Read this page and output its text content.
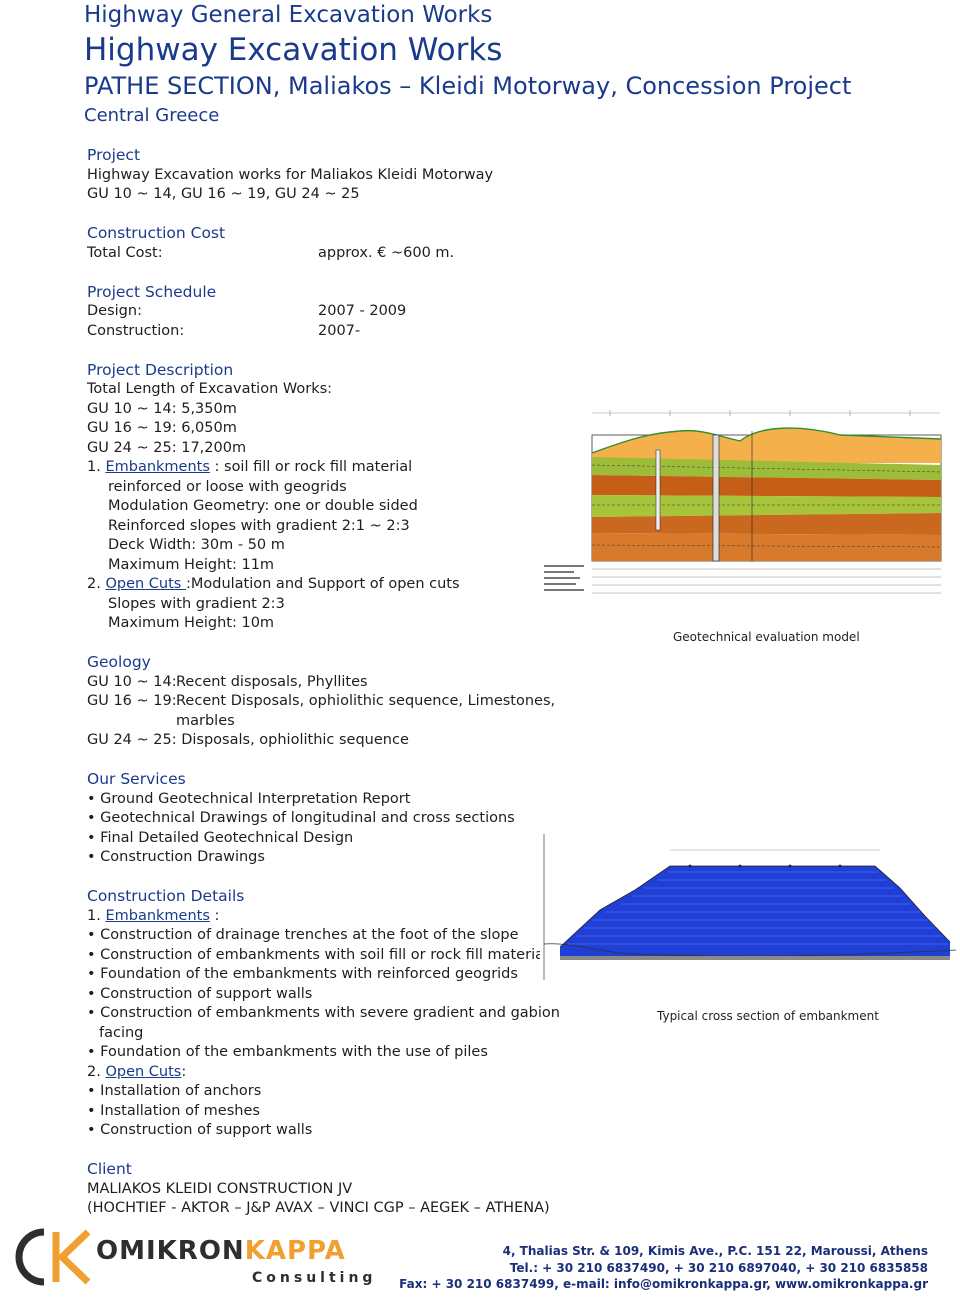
Highway General Excavation Works
Highway Excavation Works
PATHE SECTION, Maliakos – Kleidi Motorway, Concession Project
Central Greece
Project
Highway Excavation works for Maliakos Kleidi Motorway
GU 10 ~ 14, GU 16 ~ 19, GU 24 ~ 25
Construction Cost
Total Cost:	approx. € ~600 m.
Project Schedule
Design:	2007 - 2009
Construction:	2007-
Project Description
Total Length of Excavation Works:
GU 10 ~ 14: 5,350m
GU 16 ~ 19: 6,050m
GU 24 ~ 25: 17,200m
1. Embankments : soil fill or rock fill material
reinforced or loose with geogrids
Modulation Geometry: one or double sided
Reinforced slopes with gradient 2:1 ~ 2:3
Deck Width: 30m - 50 m
Maximum Height: 11m
2. Open Cuts :Modulation and Support of open cuts
Slopes with gradient 2:3
Maximum Height: 10m
Geology
GU 10 ~ 14:Recent disposals, Phyllites
GU 16 ~ 19:Recent Disposals, ophiolithic sequence, Limestones,
marbles
GU 24 ~ 25: Disposals, ophiolithic sequence
Our Services
• Ground Geotechnical Interpretation Report
• Geotechnical Drawings of longitudinal and cross sections
• Final Detailed Geotechnical Design
• Construction Drawings
Construction Details
1. Embankments :
• Construction of drainage trenches at the foot of the slope
• Construction of embankments with soil fill or rock fill materials
• Foundation of the embankments with reinforced geogrids
• Construction of support walls
• Construction of embankments with severe gradient and gabion
facing
• Foundation of the embankments with the use of piles
2. Open Cuts:
• Installation of anchors
• Installation of meshes
• Construction of support walls
Client
MALIAKOS KLEIDI CONSTRUCTION JV
(HOCHTIEF - AKTOR – J&P AVAX – VINCI CGP – AEGEK – ATHENA)
Geotechnical evaluation model
Typical cross section of embankment
OMIKRONKAPPA
Consulting
4, Thalias Str. & 109, Kimis Ave., P.C. 151 22, Maroussi, Athens
Tel.: + 30 210 6837490, + 30 210 6897040, + 30 210 6835858
Fax: + 30 210 6837499, e-mail: info@omikronkappa.gr, www.omikronkappa.gr
